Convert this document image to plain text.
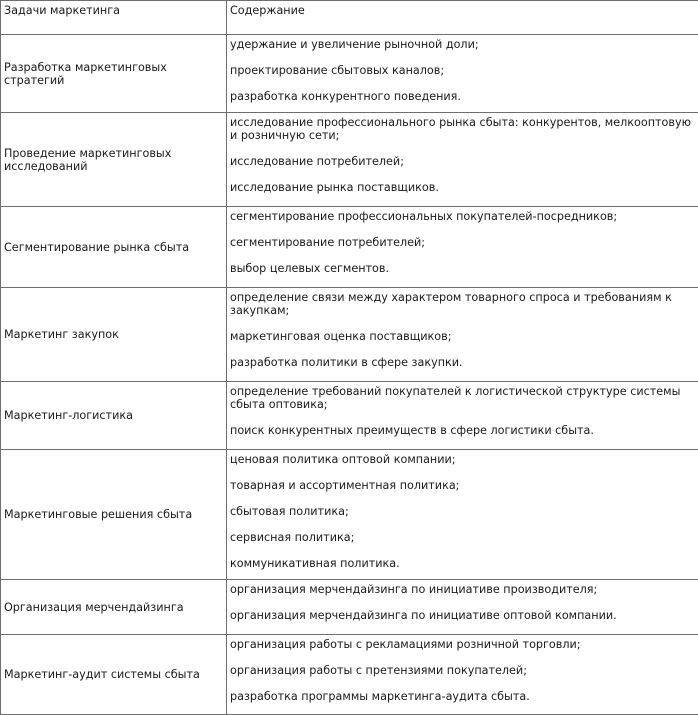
Задачи маркетинга	Содержание
Разработка маркетинговых стратегий	удержание и увеличение рыночной доли;

проектирование сбытовых каналов;

разработка конкурентного поведения.

Проведение маркетинговых исследований	исследование профессионального рынка сбыта: конкурентов, мелкооптовую и розничную сети;

исследование потребителей;

исследование рынка поставщиков.

Сегментирование рынка сбыта	сегментирование профессиональных покупателей-посредников;

сегментирование потребителей;

выбор целевых сегментов.

Маркетинг закупок	определение связи между характером товарного спроса и требованиям к закупкам;

маркетинговая оценка поставщиков;

разработка политики в сфере закупки.

Маркетинг-логистика	определение требований покупателей к логистической структуре системы сбыта оптовика;

поиск конкурентных преимуществ в сфере логистики сбыта.

Маркетинговые решения сбыта	ценовая политика оптовой компании;

товарная и ассортиментная политика;

сбытовая политика;

сервисная политика;

коммуникативная политика.

Организация мерчендайзинга	организация мерчендайзинга по инициативе производителя;

организация мерчендайзинга по инициативе оптовой компании.

Маркетинг-аудит системы сбыта	организация работы с рекламациями розничной торговли;

организация работы с претензиями покупателей;

разработка программы маркетинга-аудита сбыта.
